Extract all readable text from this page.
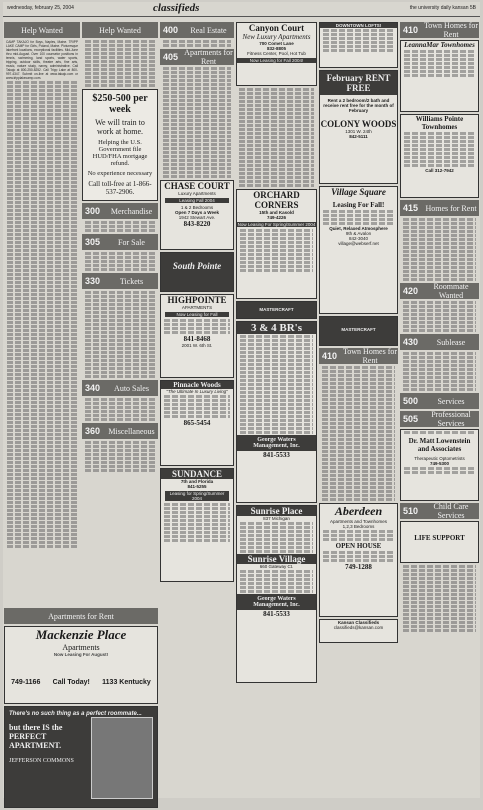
wednesday, february 25, 2004	classifieds	the university daily kansan 5B
Help Wanted
CAMP TAKAJO for Boys, Naples, Maine. TRIPP LAKE CAMP for Girls, Poland, Maine. Picturesque lakefront locations, exceptional facilities. Mid-June thru mid-August. Over 100 counselor positions in tennis, swimming, land sports, water sports, tripping, outdoor skills, theatre arts, fine arts, music, nature study, nanny, administrative. Call Takajo at 800-250-8252. Call Tripp Lake at 800-997-4347. Submit on-line at www.takajo.com or www.tripplakecamp.com.
Apartments for Rent
Mackenzie Place
Apartments
Now Leasing For August!
749-1166 Call Today! 1133 Kentucky
There's no such thing as a perfect roommate...
but there IS the PERFECT APARTMENT.
JEFFERSON COMMONS
Help Wanted
$250-500 per week
We will train to work at home.
Helping the U.S. Government file HUD/FHA mortgage refund.
No experience necessary
Call toll-free at 1-866-537-2906.
300	Merchandise
305	For Sale
330	Tickets
340	Auto Sales
360	Miscellaneous
400	Real Estate
405 Apartments for Rent
CHASE COURT
Luxury Apartments
Leasing Fall 2004
1 & 2 Bedrooms
Open 7 Days a Week
1942 Stewart Ave.
843-8220
South Pointe
HIGHPOINTE
APARTMENTS
Now Leasing for Fall
841-8468
2001 W. 6th St.
Pinnacle Woods
"The Ultimate In Luxury Living"
865-5454
SUNDANCE
7th and Florida
841-5255
Leasing for Spring/Summer 2004
Canyon Court
New Luxury Apartments
700 Comet Lane
832-8805
Fitness Center, Pool, Hot Tub
Now Leasing for Fall 2004!
ORCHARD CORNERS
15th and Kasold
749-4226
Now Leasing For Spring/Summer 2004
MASTERCRAFT
3 & 4 BR's
George Waters Management, Inc.
841-5533
Sunrise Place
837 Michigan
Sunrise Village
660 Gateway Ct.
George Waters Management, Inc.
841-5533
DOWNTOWN LOFTS!
February RENT FREE
Rent a 2 bedroom/2 bath and receive rent free for the month of February
COLONY WOODS
1301 W. 24th
842-5111
Village Square
Leasing For Fall!
Quiet, Relaxed Atmosphere
9th & Avalon
842-3040
village@webserf.net
MASTERCRAFT
410 Town Homes for Rent
Aberdeen
Apartments and Townhomes
1,2,3 Bedrooms
OPEN HOUSE
749-1288
Kansan Classifieds
classifieds@kansan.com
410 Town Homes for Rent
LeannaMar Townhomes
Williams Pointe Townhomes
Call 312-7942
415 Homes for Rent
420	Roommate Wanted
430	Sublease
500	Services
505	Professional Services
Dr. Matt Lowenstein and Associates
Therapeutic Optometrists
749-5300
510	Child Care Services
LIFE SUPPORT
